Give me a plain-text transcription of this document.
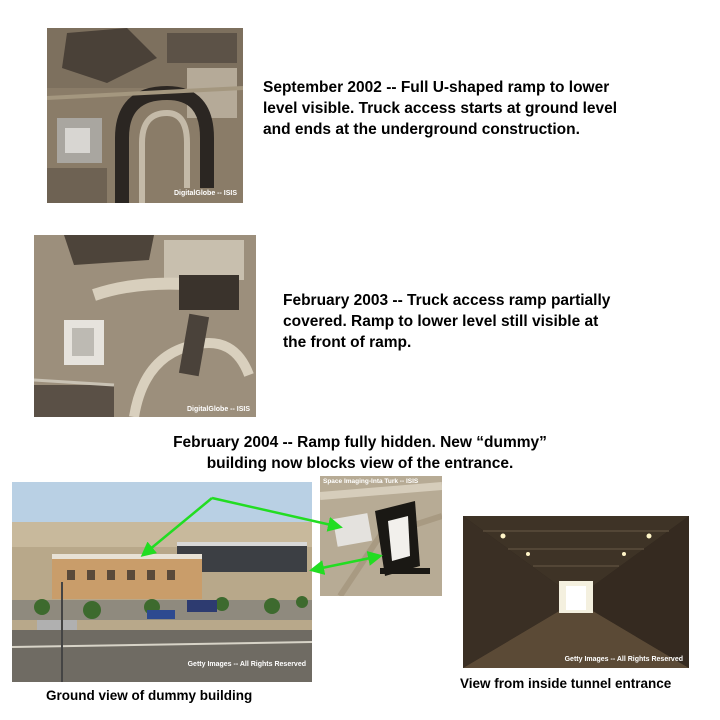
DigitalGlobe -- ISIS
September 2002 -- Full U-shaped ramp to lower
level visible. Truck access starts at ground level
and ends at the underground construction.
DigitalGlobe -- ISIS
February 2003 -- Truck access ramp partially
covered. Ramp to lower level still visible at
the front of ramp.
February 2004 -- Ramp fully hidden. New “dummy”
building now blocks view of the entrance.
Getty Images -- All Rights Reserved
Space Imaging-Inta Turk -- ISIS
Getty Images -- All Rights Reserved
Ground view of dummy building
View from inside tunnel entrance
